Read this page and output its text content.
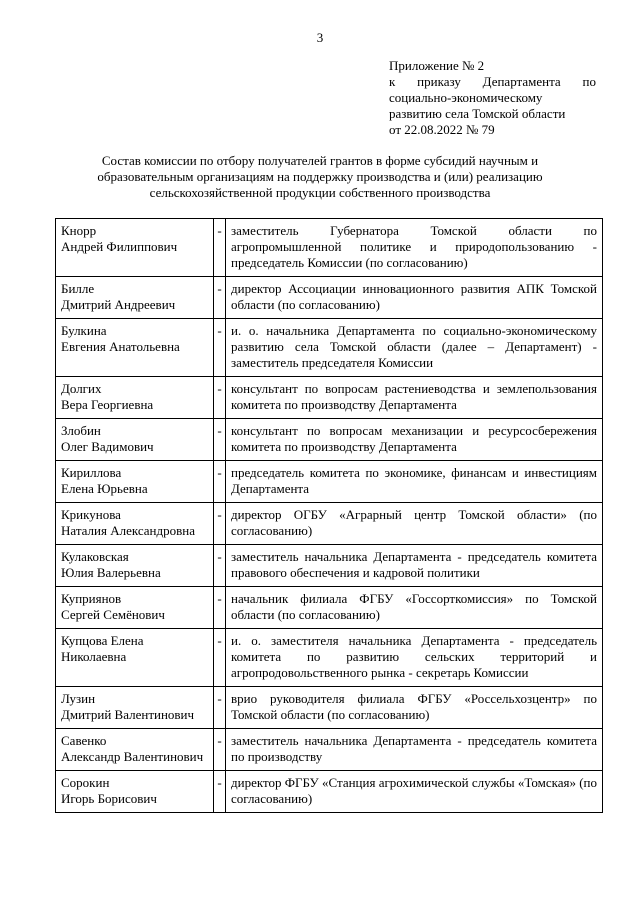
3
Приложение № 2
к приказу Департамента по
социально-экономическому
развитию села Томской области
от 22.08.2022 № 79
Состав комиссии по отбору получателей грантов в форме субсидий научным и
образовательным организациям на поддержку производства и (или) реализацию
сельскохозяйственной продукции собственного производства
Кнорр
Андрей Филиппович	-	заместитель Губернатора Томской области по агропромышленной политике и природопользованию - председатель Комиссии (по согласованию)

Билле
Дмитрий Андреевич	-	директор Ассоциации инновационного развития АПК Томской области (по согласованию)

Булкина
Евгения Анатольевна	-	и. о. начальника Департамента по социально-экономическому развитию села Томской области (далее – Департамент) - заместитель председателя Комиссии

Долгих
Вера Георгиевна	-	консультант по вопросам растениеводства и землепользования комитета по производству Департамента

Злобин
Олег Вадимович	-	консультант по вопросам механизации и ресурсосбережения комитета по производству Департамента

Кириллова
Елена Юрьевна	-	председатель комитета по экономике, финансам и инвестициям Департамента

Крикунова
Наталия Александровна	-	директор ОГБУ «Аграрный центр Томской области» (по согласованию)

Кулаковская
Юлия Валерьевна	-	заместитель начальника Департамента - председатель комитета правового обеспечения и кадровой политики

Куприянов
Сергей Семёнович	-	начальник филиала ФГБУ «Госсорткомиссия» по Томской области (по согласованию)

Купцова Елена
Николаевна	-	и. о. заместителя начальника Департамента - председатель комитета по развитию сельских территорий и агропродовольственного рынка - секретарь Комиссии

Лузин
Дмитрий Валентинович	-	врио руководителя филиала ФГБУ «Россельхозцентр» по Томской области (по согласованию)

Савенко
Александр Валентинович	-	заместитель начальника Департамента - председатель комитета по производству

Сорокин
Игорь Борисович	-	директор ФГБУ «Станция агрохимической службы «Томская» (по согласованию)
